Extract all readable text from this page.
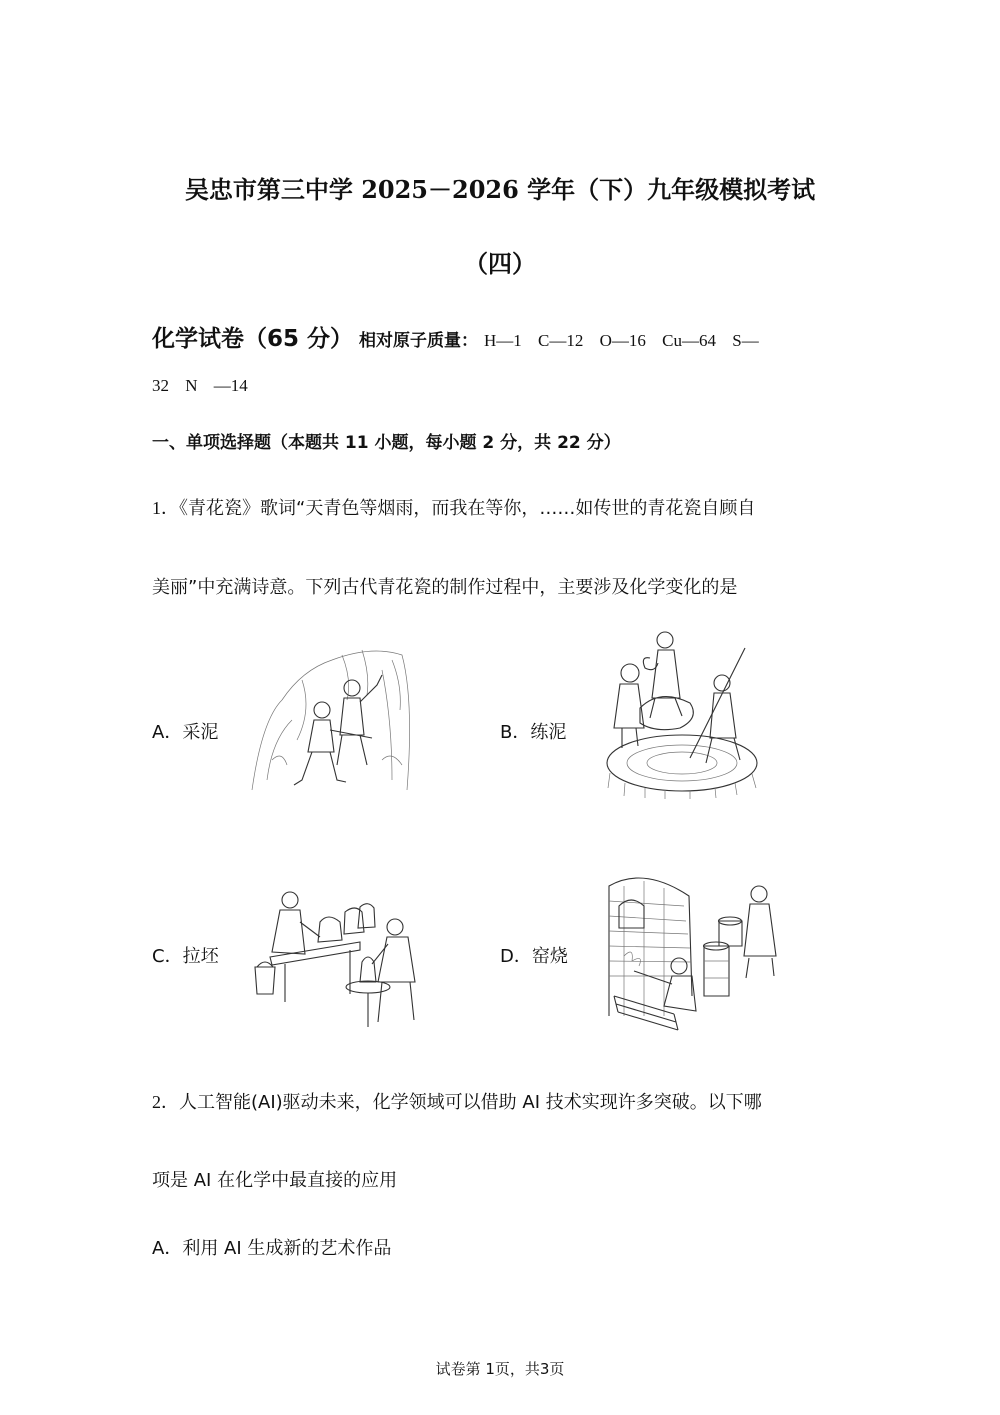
吴忠市第三中学 2025－2026 学年（下）九年级模拟考试
（四）
化学试卷（65 分） 相对原子质量： H—1 C—12 O—16 Cu—64 S—
32 N —14
一、单项选择题（本题共 11 小题，每小题 2 分，共 22 分）
1．《青花瓷》歌词“天青色等烟雨，而我在等你，……如传世的青花瓷自顾自
美丽”中充满诗意。下列古代青花瓷的制作过程中，主要涉及化学变化的是
A．采泥	B．练泥
C．拉坯	D．窑烧
2．人工智能(AI)驱动未来，化学领域可以借助 AI 技术实现许多突破。以下哪
项是 AI 在化学中最直接的应用
A．利用 AI 生成新的艺术作品
试卷第 1页，共3页
